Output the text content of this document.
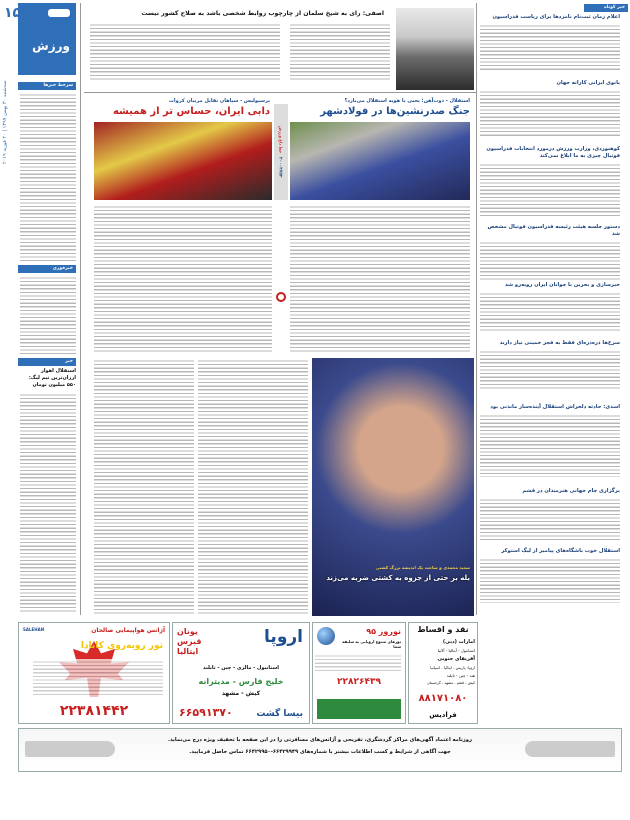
۱۵
ورزش
سه‌شنبه ۳۰ بهمن ۱۳۹۷ | ۲۰ فوریه ۲۰۱۹	سرخط خبرها
خبرفوری
خبر
استقلال اهواز ارزان‌ترین تیم لیگ: ۵۵۰ میلیون تومان
اصفی: رای به شیخ سلمان از چارچوب روابط شخصی باشد به صلاح کشور نیست
پرسپولیس - سپاهان تقابل مربیان کروات
دابی ایران، حساس تر از همیشه
استقلال - ذوب‌آهن؛ یحیی با هوپه استقلال می‌بازد؟
جنگ صدرنشین‌ها در فولادشهر
خط داغ ورزش
۲۰۰۰۲۷۵۳
سعید محمدی و ساخت یک اندیشه بزرگ کشتی
بله بر حتی از جزوه به کشتی ضربه می‌زند
خبر کوتاه
اعلام زمان ثبت‌نام نامزدها برای ریاست فدراسیون
بانوی ایرانی کاراته جهان
کوهنوردی، وزارت ورزش درمورد انتخابات فدراسیون فوتبال چیزی به ما ابلاغ نمی‌کند
دستور جلسه هیئت رئیسه فدراسیون فوتبال مشخص شد
خبرسازی و بحرین با جوانان ایران روبه‌رو شد
سرخ‌ها ذره‌ذره‌ای فقط به فجر خمینی نیاز دارند
اسدی: حادثه دلخراش استقلال آینده‌ساز ماندنی بود
برگزاری جام جهانی هنرمندان در قشم
استقلال خوب باشگاه‌های پیامبر از لیگ استوکر
آژانس هواپیمایی صالحان
SALEHAN
تور روبه‌روی کانادا
۲۲۳۸۱۴۴۲
یونان
قبرس
ایتالیا
اروپا
استانبول - مالزی - چین - تایلند
خلیج فارس - مدیترانه
کیش - مشهد
۶۶۵۹۱۳۷۰	بیسا گشت
نوروز ۹۵
تورهای متنوع اروپایی به سلیقه شما
۲۲۸۲۶۴۳۹
نقد و اقساط
امارات (دبی)
استانبول - آنتالیا - آلانیا
آفریقای جنوبی
اروپا: پاریس - ایتالیا - اسپانیا
هند - چین - تایلند
کیش - قشم - مشهد - گرجستان
۸۸۱۷۱۰۸۰
فرادیس
روزنامه اعتماد آگهی‌های مراکز گردشگری، تفریحی و آژانس‌های مسافرتی را در این صفحه با تخفیف ویژه درج می‌نماید.
جهت آگاهی از شرایط و کسب اطلاعات بیشتر با شماره‌های ۶۶۴۲۹۹۴۹-۶۶۴۲۹۹۵۰ تماس حاصل فرمایید.
